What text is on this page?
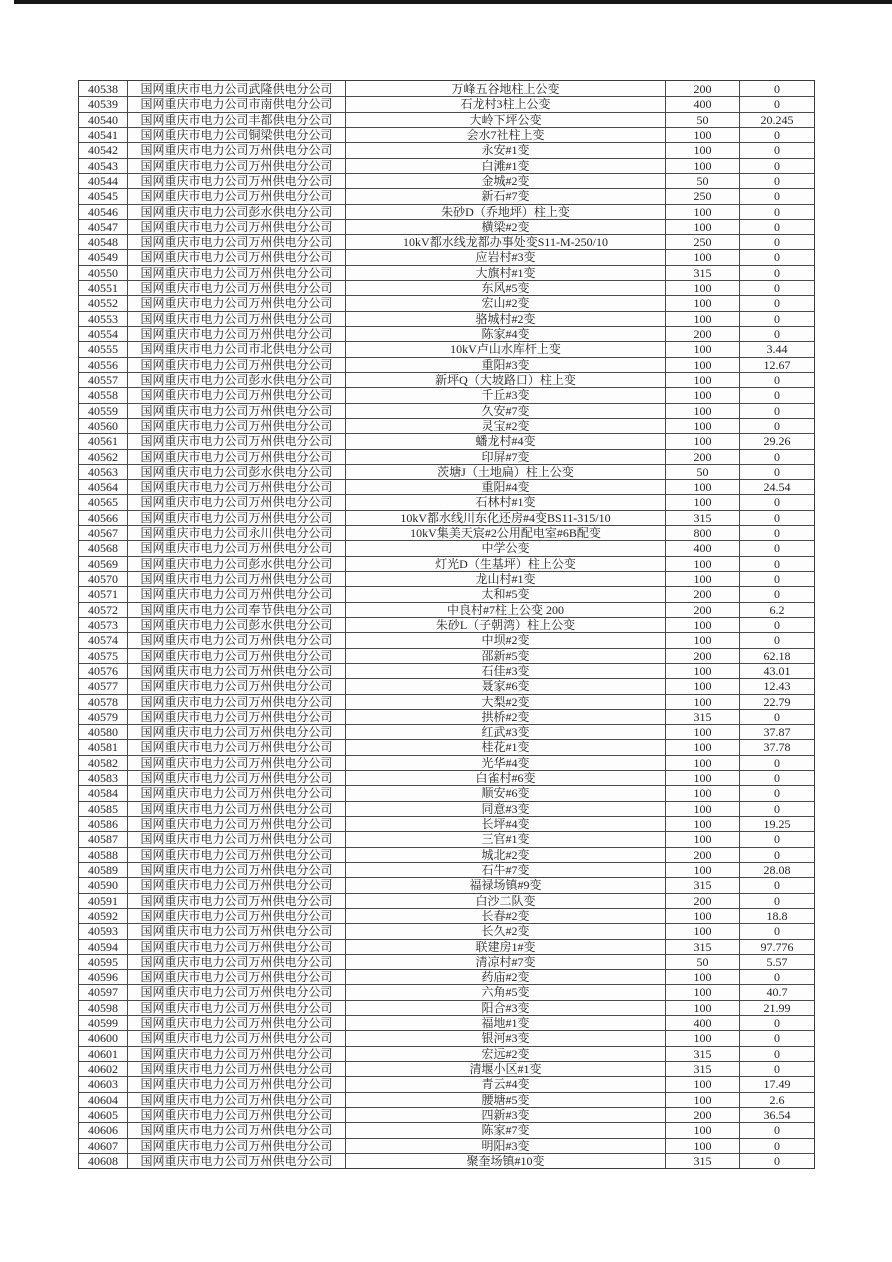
40538	国网重庆市电力公司武隆供电分公司	万峰五谷地柱上公变	200	0
40539	国网重庆市电力公司市南供电分公司	石龙村3柱上公变	400	0
40540	国网重庆市电力公司丰都供电分公司	大岭下坪公变	50	20.245
40541	国网重庆市电力公司铜梁供电分公司	会水7社柱上变	100	0
40542	国网重庆市电力公司万州供电分公司	永安#1变	100	0
40543	国网重庆市电力公司万州供电分公司	白滩#1变	100	0
40544	国网重庆市电力公司万州供电分公司	金城#2变	50	0
40545	国网重庆市电力公司万州供电分公司	新石#7变	250	0
40546	国网重庆市电力公司彭水供电分公司	朱砂D（乔地坪）柱上变	100	0
40547	国网重庆市电力公司万州供电分公司	横梁#2变	100	0
40548	国网重庆市电力公司万州供电分公司	10kV都水线龙都办事处变S11-M-250/10	250	0
40549	国网重庆市电力公司万州供电分公司	应岩村#3变	100	0
40550	国网重庆市电力公司万州供电分公司	大旗村#1变	315	0
40551	国网重庆市电力公司万州供电分公司	东风#5变	100	0
40552	国网重庆市电力公司万州供电分公司	宏山#2变	100	0
40553	国网重庆市电力公司万州供电分公司	骆城村#2变	100	0
40554	国网重庆市电力公司万州供电分公司	陈家#4变	200	0
40555	国网重庆市电力公司市北供电分公司	10kV卢山水库杆上变	100	3.44
40556	国网重庆市电力公司万州供电分公司	重阳#3变	100	12.67
40557	国网重庆市电力公司彭水供电分公司	新坪Q（大坡路口）柱上变	100	0
40558	国网重庆市电力公司万州供电分公司	千丘#3变	100	0
40559	国网重庆市电力公司万州供电分公司	久安#7变	100	0
40560	国网重庆市电力公司万州供电分公司	灵宝#2变	100	0
40561	国网重庆市电力公司万州供电分公司	蟠龙村#4变	100	29.26
40562	国网重庆市电力公司万州供电分公司	印屏#7变	200	0
40563	国网重庆市电力公司彭水供电分公司	茨塘J（土地扁）柱上公变	50	0
40564	国网重庆市电力公司万州供电分公司	重阳#4变	100	24.54
40565	国网重庆市电力公司万州供电分公司	石林村#1变	100	0
40566	国网重庆市电力公司万州供电分公司	10kV都水线川东化还房#4变BS11-315/10	315	0
40567	国网重庆市电力公司永川供电分公司	10kV集美天宸#2公用配电室#6B配变	800	0
40568	国网重庆市电力公司万州供电分公司	中学公变	400	0
40569	国网重庆市电力公司彭水供电分公司	灯光D（生基坪）柱上公变	100	0
40570	国网重庆市电力公司万州供电分公司	龙山村#1变	100	0
40571	国网重庆市电力公司万州供电分公司	太和#5变	200	0
40572	国网重庆市电力公司奉节供电分公司	中良村#7柱上公变 200	200	6.2
40573	国网重庆市电力公司彭水供电分公司	朱砂L（子朝湾）柱上公变	100	0
40574	国网重庆市电力公司万州供电分公司	中坝#2变	100	0
40575	国网重庆市电力公司万州供电分公司	邵新#5变	200	62.18
40576	国网重庆市电力公司万州供电分公司	石佳#3变	100	43.01
40577	国网重庆市电力公司万州供电分公司	聂家#6变	100	12.43
40578	国网重庆市电力公司万州供电分公司	大梨#2变	100	22.79
40579	国网重庆市电力公司万州供电分公司	拱桥#2变	315	0
40580	国网重庆市电力公司万州供电分公司	红武#3变	100	37.87
40581	国网重庆市电力公司万州供电分公司	桂花#1变	100	37.78
40582	国网重庆市电力公司万州供电分公司	光华#4变	100	0
40583	国网重庆市电力公司万州供电分公司	白雀村#6变	100	0
40584	国网重庆市电力公司万州供电分公司	顺安#6变	100	0
40585	国网重庆市电力公司万州供电分公司	同意#3变	100	0
40586	国网重庆市电力公司万州供电分公司	长坪#4变	100	19.25
40587	国网重庆市电力公司万州供电分公司	三官#1变	100	0
40588	国网重庆市电力公司万州供电分公司	城北#2变	200	0
40589	国网重庆市电力公司万州供电分公司	石牛#7变	100	28.08
40590	国网重庆市电力公司万州供电分公司	福禄场镇#9变	315	0
40591	国网重庆市电力公司万州供电分公司	白沙二队变	200	0
40592	国网重庆市电力公司万州供电分公司	长春#2变	100	18.8
40593	国网重庆市电力公司万州供电分公司	长久#2变	100	0
40594	国网重庆市电力公司万州供电分公司	联建房1#变	315	97.776
40595	国网重庆市电力公司万州供电分公司	清凉村#7变	50	5.57
40596	国网重庆市电力公司万州供电分公司	药庙#2变	100	0
40597	国网重庆市电力公司万州供电分公司	六角#5变	100	40.7
40598	国网重庆市电力公司万州供电分公司	阳合#3变	100	21.99
40599	国网重庆市电力公司万州供电分公司	福地#1变	400	0
40600	国网重庆市电力公司万州供电分公司	银河#3变	100	0
40601	国网重庆市电力公司万州供电分公司	宏远#2变	315	0
40602	国网重庆市电力公司万州供电分公司	清堰小区#1变	315	0
40603	国网重庆市电力公司万州供电分公司	青云#4变	100	17.49
40604	国网重庆市电力公司万州供电分公司	腰塘#5变	100	2.6
40605	国网重庆市电力公司万州供电分公司	四新#3变	200	36.54
40606	国网重庆市电力公司万州供电分公司	陈家#7变	100	0
40607	国网重庆市电力公司万州供电分公司	明阳#3变	100	0
40608	国网重庆市电力公司万州供电分公司	聚奎场镇#10变	315	0
